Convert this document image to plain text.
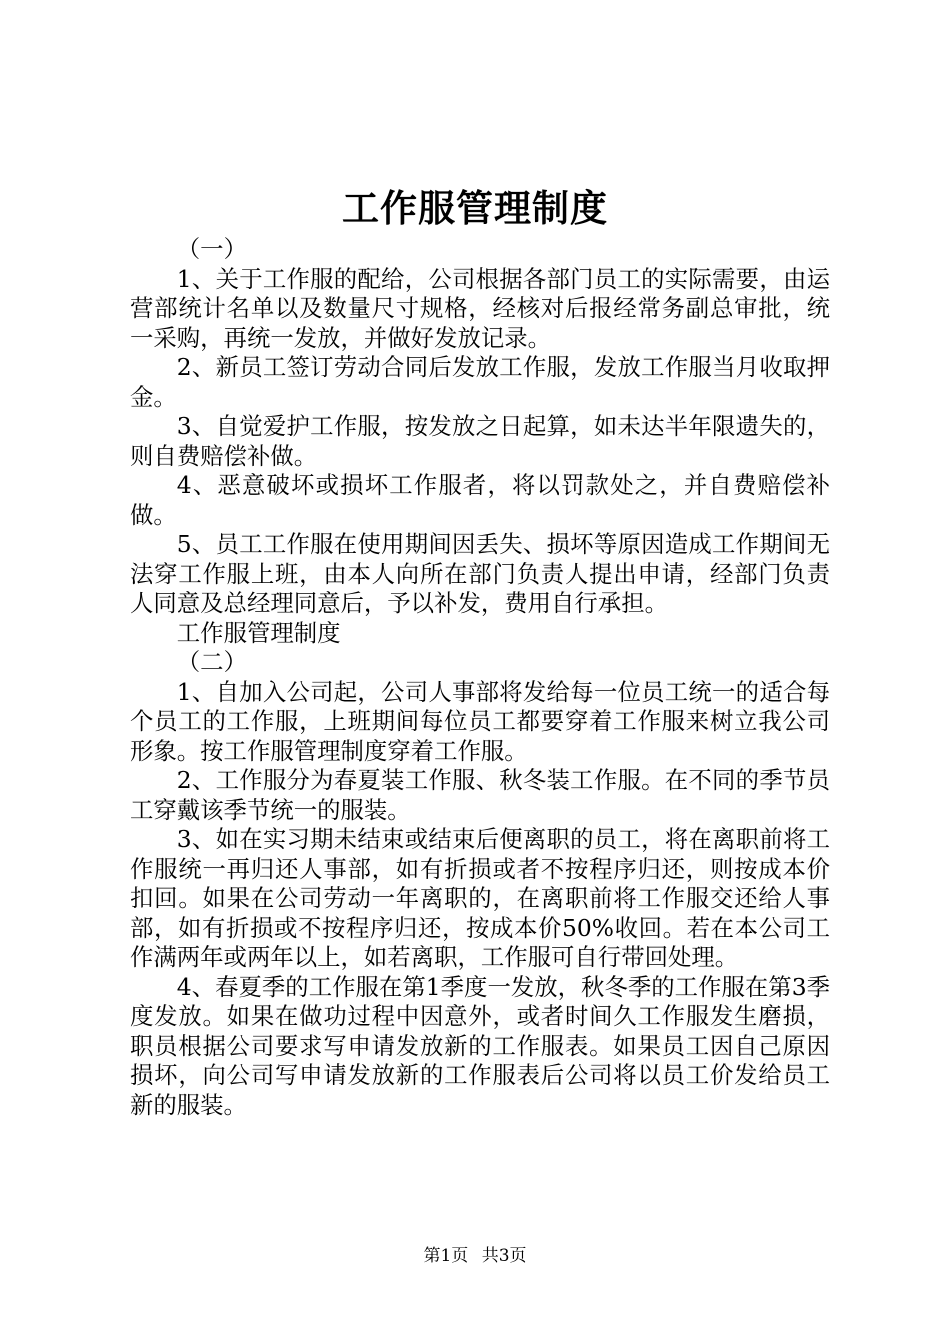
工作服管理制度

（一）

1、关于工作服的配给，公司根据各部门员工的实际需要，由运营部统计名单以及数量尺寸规格，经核对后报经常务副总审批，统一采购，再统一发放，并做好发放记录。

2、新员工签订劳动合同后发放工作服，发放工作服当月收取押金。

3、自觉爱护工作服，按发放之日起算，如未达半年限遗失的，则自费赔偿补做。

4、恶意破坏或损坏工作服者，将以罚款处之，并自费赔偿补做。

5、员工工作服在使用期间因丢失、损坏等原因造成工作期间无法穿工作服上班，由本人向所在部门负责人提出申请，经部门负责人同意及总经理同意后，予以补发，费用自行承担。

工作服管理制度

（二）

1、自加入公司起，公司人事部将发给每一位员工统一的适合每个员工的工作服，上班期间每位员工都要穿着工作服来树立我公司形象。按工作服管理制度穿着工作服。

2、工作服分为春夏装工作服、秋冬装工作服。在不同的季节员工穿戴该季节统一的服装。

3、如在实习期未结束或结束后便离职的员工，将在离职前将工作服统一再归还人事部，如有折损或者不按程序归还，则按成本价扣回。如果在公司劳动一年离职的，在离职前将工作服交还给人事部，如有折损或不按程序归还，按成本价50%收回。若在本公司工作满两年或两年以上，如若离职，工作服可自行带回处理。

4、春夏季的工作服在第1季度一发放，秋冬季的工作服在第3季度发放。如果在做功过程中因意外，或者时间久工作服发生磨损，职员根据公司要求写申请发放新的工作服表。如果员工因自己原因损坏，向公司写申请发放新的工作服表后公司将以员工价发给员工新的服装。

第1页 共3页
